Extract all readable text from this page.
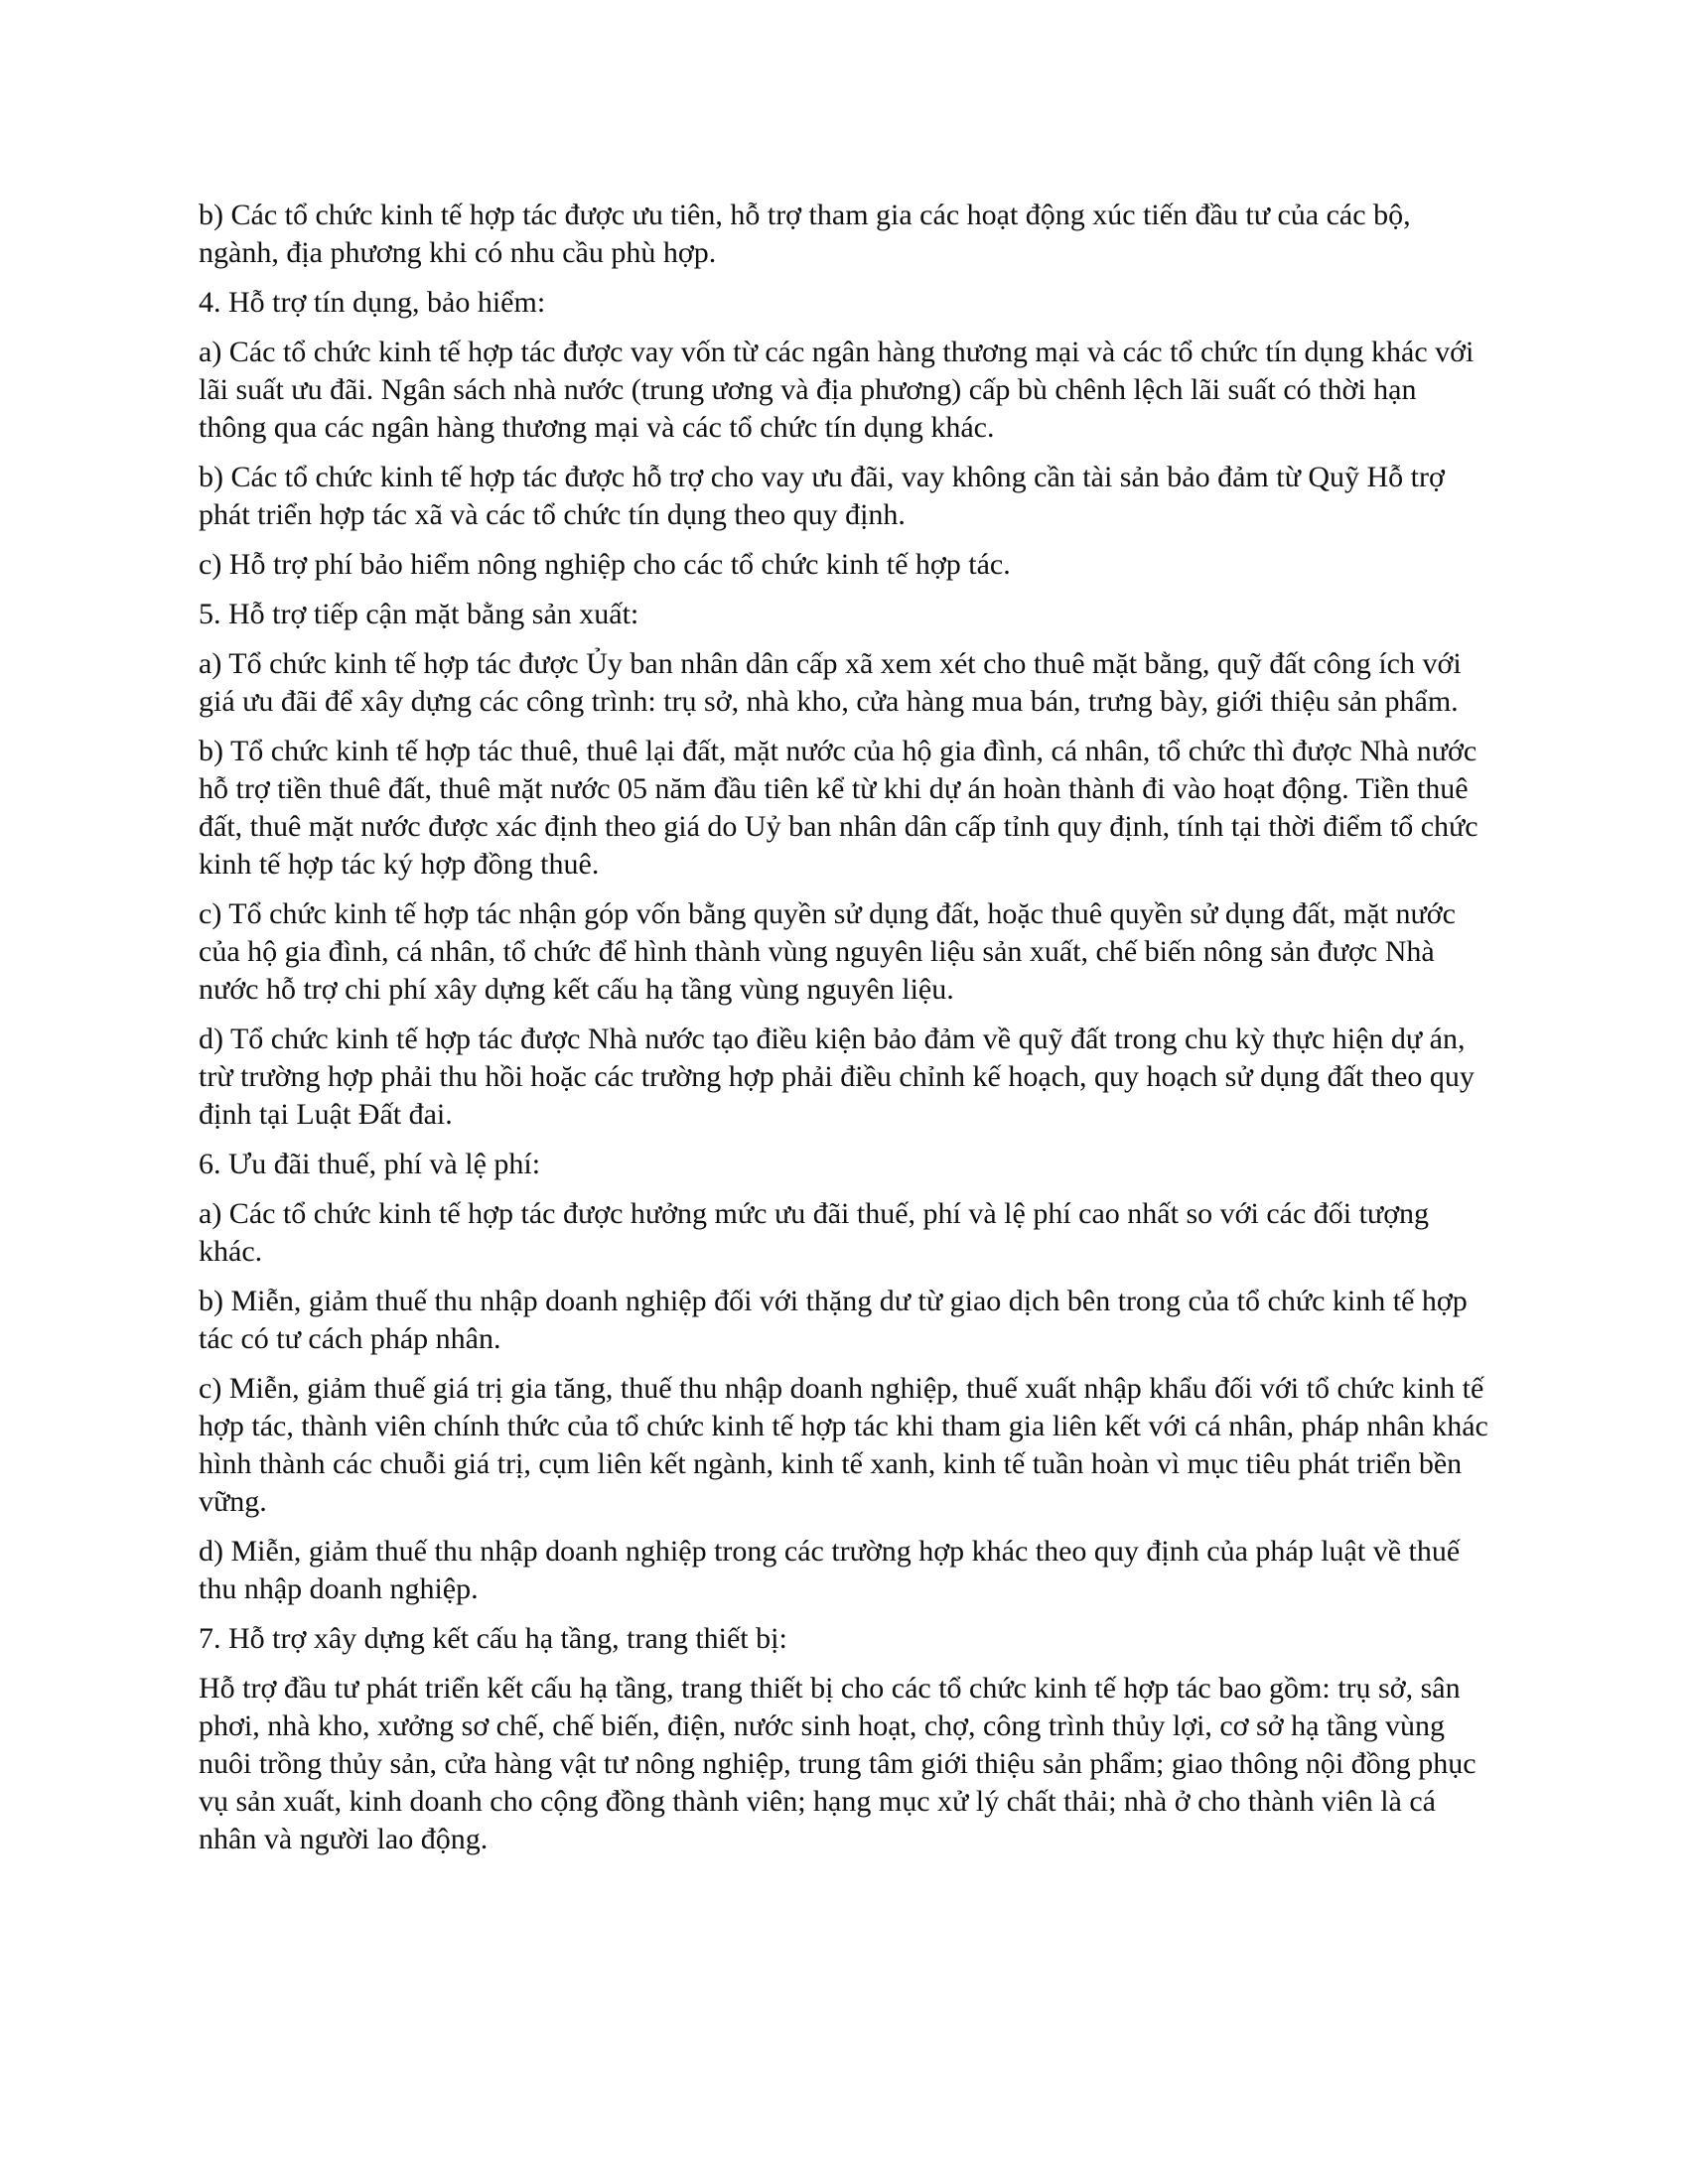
b) Các tổ chức kinh tế hợp tác được ưu tiên, hỗ trợ tham gia các hoạt động xúc tiến đầu tư của các bộ, ngành, địa phương khi có nhu cầu phù hợp.

4. Hỗ trợ tín dụng, bảo hiểm:

a) Các tổ chức kinh tế hợp tác được vay vốn từ các ngân hàng thương mại và các tổ chức tín dụng khác với lãi suất ưu đãi. Ngân sách nhà nước (trung ương và địa phương) cấp bù chênh lệch lãi suất có thời hạn thông qua các ngân hàng thương mại và các tổ chức tín dụng khác.

b) Các tổ chức kinh tế hợp tác được hỗ trợ cho vay ưu đãi, vay không cần tài sản bảo đảm từ Quỹ Hỗ trợ phát triển hợp tác xã và các tổ chức tín dụng theo quy định.

c) Hỗ trợ phí bảo hiểm nông nghiệp cho các tổ chức kinh tế hợp tác.

5. Hỗ trợ tiếp cận mặt bằng sản xuất:

a) Tổ chức kinh tế hợp tác được Ủy ban nhân dân cấp xã xem xét cho thuê mặt bằng, quỹ đất công ích với giá ưu đãi để xây dựng các công trình: trụ sở, nhà kho, cửa hàng mua bán, trưng bày, giới thiệu sản phẩm.

b) Tổ chức kinh tế hợp tác thuê, thuê lại đất, mặt nước của hộ gia đình, cá nhân, tổ chức thì được Nhà nước hỗ trợ tiền thuê đất, thuê mặt nước 05 năm đầu tiên kể từ khi dự án hoàn thành đi vào hoạt động. Tiền thuê đất, thuê mặt nước được xác định theo giá do Uỷ ban nhân dân cấp tỉnh quy định, tính tại thời điểm tổ chức kinh tế hợp tác ký hợp đồng thuê.

c) Tổ chức kinh tế hợp tác nhận góp vốn bằng quyền sử dụng đất, hoặc thuê quyền sử dụng đất, mặt nước của hộ gia đình, cá nhân, tổ chức để hình thành vùng nguyên liệu sản xuất, chế biến nông sản được Nhà nước hỗ trợ chi phí xây dựng kết cấu hạ tầng vùng nguyên liệu.

d) Tổ chức kinh tế hợp tác được Nhà nước tạo điều kiện bảo đảm về quỹ đất trong chu kỳ thực hiện dự án, trừ trường hợp phải thu hồi hoặc các trường hợp phải điều chỉnh kế hoạch, quy hoạch sử dụng đất theo quy định tại Luật Đất đai.

6. Ưu đãi thuế, phí và lệ phí:

a) Các tổ chức kinh tế hợp tác được hưởng mức ưu đãi thuế, phí và lệ phí cao nhất so với các đối tượng khác.

b) Miễn, giảm thuế thu nhập doanh nghiệp đối với thặng dư từ giao dịch bên trong của tổ chức kinh tế hợp tác có tư cách pháp nhân.

c) Miễn, giảm thuế giá trị gia tăng, thuế thu nhập doanh nghiệp, thuế xuất nhập khẩu đối với tổ chức kinh tế hợp tác, thành viên chính thức của tổ chức kinh tế hợp tác khi tham gia liên kết với cá nhân, pháp nhân khác hình thành các chuỗi giá trị, cụm liên kết ngành, kinh tế xanh, kinh tế tuần hoàn vì mục tiêu phát triển bền vững.

d) Miễn, giảm thuế thu nhập doanh nghiệp trong các trường hợp khác theo quy định của pháp luật về thuế thu nhập doanh nghiệp.

7. Hỗ trợ xây dựng kết cấu hạ tầng, trang thiết bị:

Hỗ trợ đầu tư phát triển kết cấu hạ tầng, trang thiết bị cho các tổ chức kinh tế hợp tác bao gồm: trụ sở, sân phơi, nhà kho, xưởng sơ chế, chế biến, điện, nước sinh hoạt, chợ, công trình thủy lợi, cơ sở hạ tầng vùng nuôi trồng thủy sản, cửa hàng vật tư nông nghiệp, trung tâm giới thiệu sản phẩm; giao thông nội đồng phục vụ sản xuất, kinh doanh cho cộng đồng thành viên; hạng mục xử lý chất thải; nhà ở cho thành viên là cá nhân và người lao động.
